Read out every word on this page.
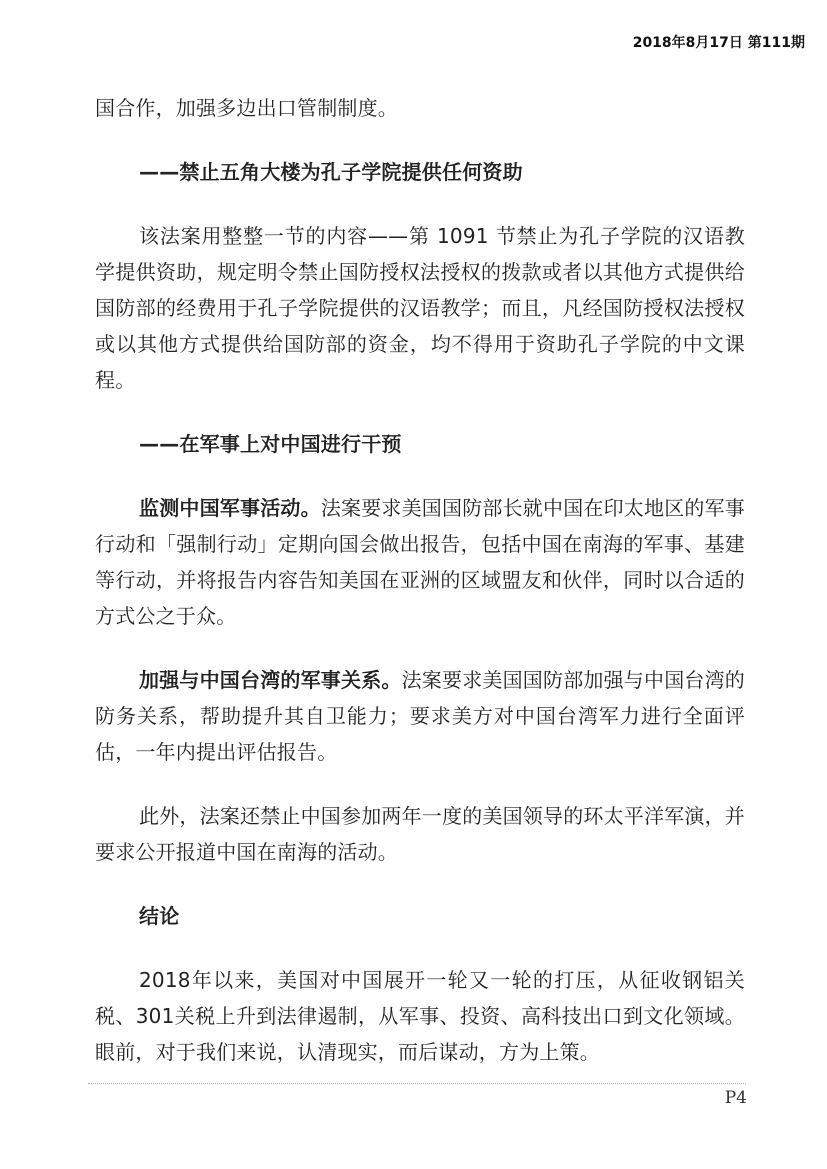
2018年8月17日 第111期

国合作，加强多边出口管制制度。

——禁止五角大楼为孔子学院提供任何资助

该法案用整整一节的内容——第 1091 节禁止为孔子学院的汉语教学提供资助，规定明令禁止国防授权法授权的拨款或者以其他方式提供给国防部的经费用于孔子学院提供的汉语教学；而且，凡经国防授权法授权或以其他方式提供给国防部的资金，均不得用于资助孔子学院的中文课程。

——在军事上对中国进行干预

监测中国军事活动。法案要求美国国防部长就中国在印太地区的军事行动和「强制行动」定期向国会做出报告，包括中国在南海的军事、基建等行动，并将报告内容告知美国在亚洲的区域盟友和伙伴，同时以合适的方式公之于众。

加强与中国台湾的军事关系。法案要求美国国防部加强与中国台湾的防务关系，帮助提升其自卫能力；要求美方对中国台湾军力进行全面评估，一年内提出评估报告。

此外，法案还禁止中国参加两年一度的美国领导的环太平洋军演，并要求公开报道中国在南海的活动。

结论

2018年以来，美国对中国展开一轮又一轮的打压，从征收钢铝关税、301关税上升到法律遏制，从军事、投资、高科技出口到文化领域。眼前，对于我们来说，认清现实，而后谋动，方为上策。

P4
